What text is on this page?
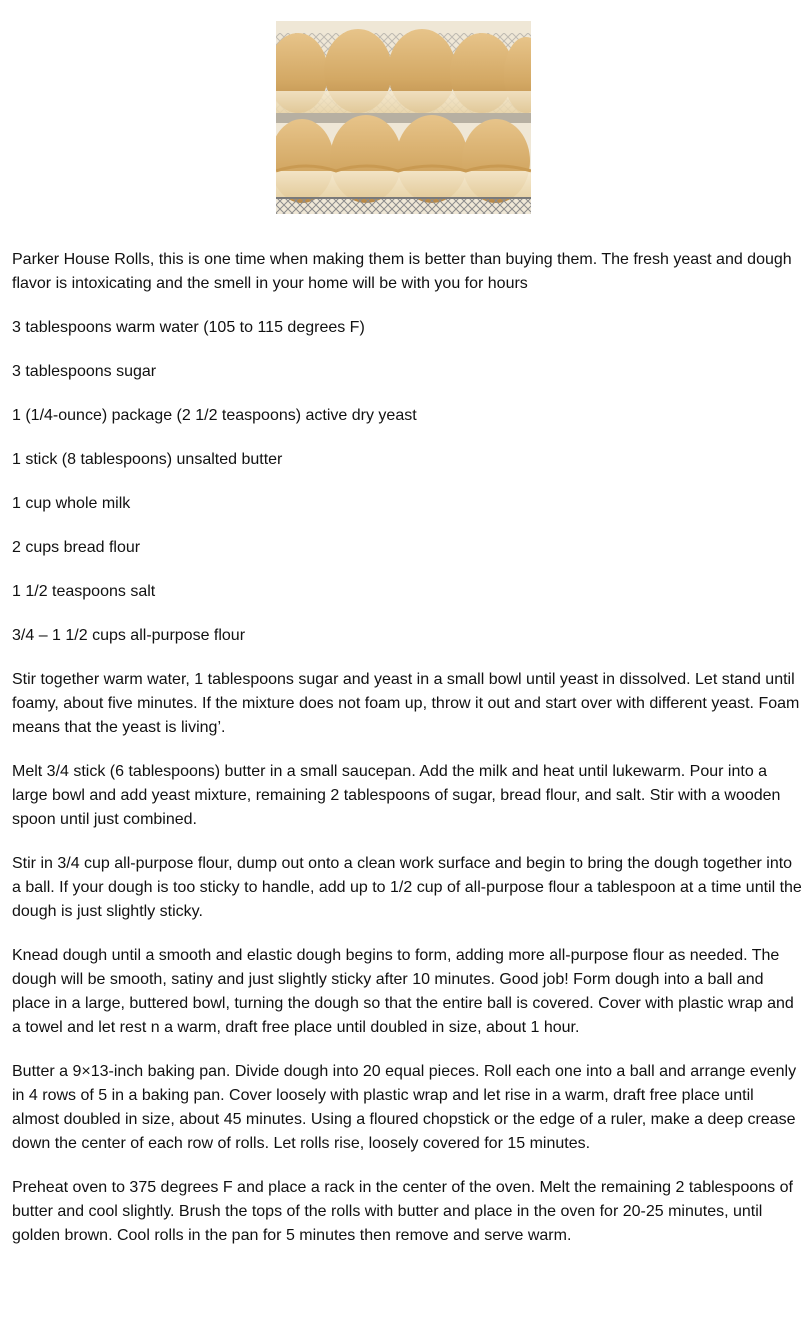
Parker House Rolls, this is one time when making them is better than buying them. The fresh yeast and dough flavor is intoxicating and the smell in your home will be with you for hours

3 tablespoons warm water (105 to 115 degrees F)

3 tablespoons sugar

1 (1/4-ounce) package (2 1/2 teaspoons) active dry yeast

1 stick (8 tablespoons) unsalted butter

1 cup whole milk

2 cups bread flour

1 1/2 teaspoons salt

3/4 – 1 1/2 cups all-purpose flour

Stir together warm water, 1 tablespoons sugar and yeast in a small bowl until yeast in dissolved. Let stand until foamy, about five minutes. If the mixture does not foam up, throw it out and start over with different yeast. Foam means that the yeast is living’.

Melt 3/4 stick (6 tablespoons) butter in a small saucepan. Add the milk and heat until lukewarm. Pour into a large bowl and add yeast mixture, remaining 2 tablespoons of sugar, bread flour, and salt. Stir with a wooden spoon until just combined.

Stir in 3/4 cup all-purpose flour, dump out onto a clean work surface and begin to bring the dough together into a ball. If your dough is too sticky to handle, add up to 1/2 cup of all-purpose flour a tablespoon at a time until the dough is just slightly sticky.

Knead dough until a smooth and elastic dough begins to form, adding more all-purpose flour as needed. The dough will be smooth, satiny and just slightly sticky after 10 minutes. Good job! Form dough into a ball and place in a large, buttered bowl, turning the dough so that the entire ball is covered. Cover with plastic wrap and a towel and let rest n a warm, draft free place until doubled in size, about 1 hour.

Butter a 9×13-inch baking pan. Divide dough into 20 equal pieces. Roll each one into a ball and arrange evenly in 4 rows of 5 in a baking pan. Cover loosely with plastic wrap and let rise in a warm, draft free place until almost doubled in size, about 45 minutes. Using a floured chopstick or the edge of a ruler, make a deep crease down the center of each row of rolls. Let rolls rise, loosely covered for 15 minutes.

Preheat oven to 375 degrees F and place a rack in the center of the oven. Melt the remaining 2 tablespoons of butter and cool slightly. Brush the tops of the rolls with butter and place in the oven for 20-25 minutes, until golden brown. Cool rolls in the pan for 5 minutes then remove and serve warm.
